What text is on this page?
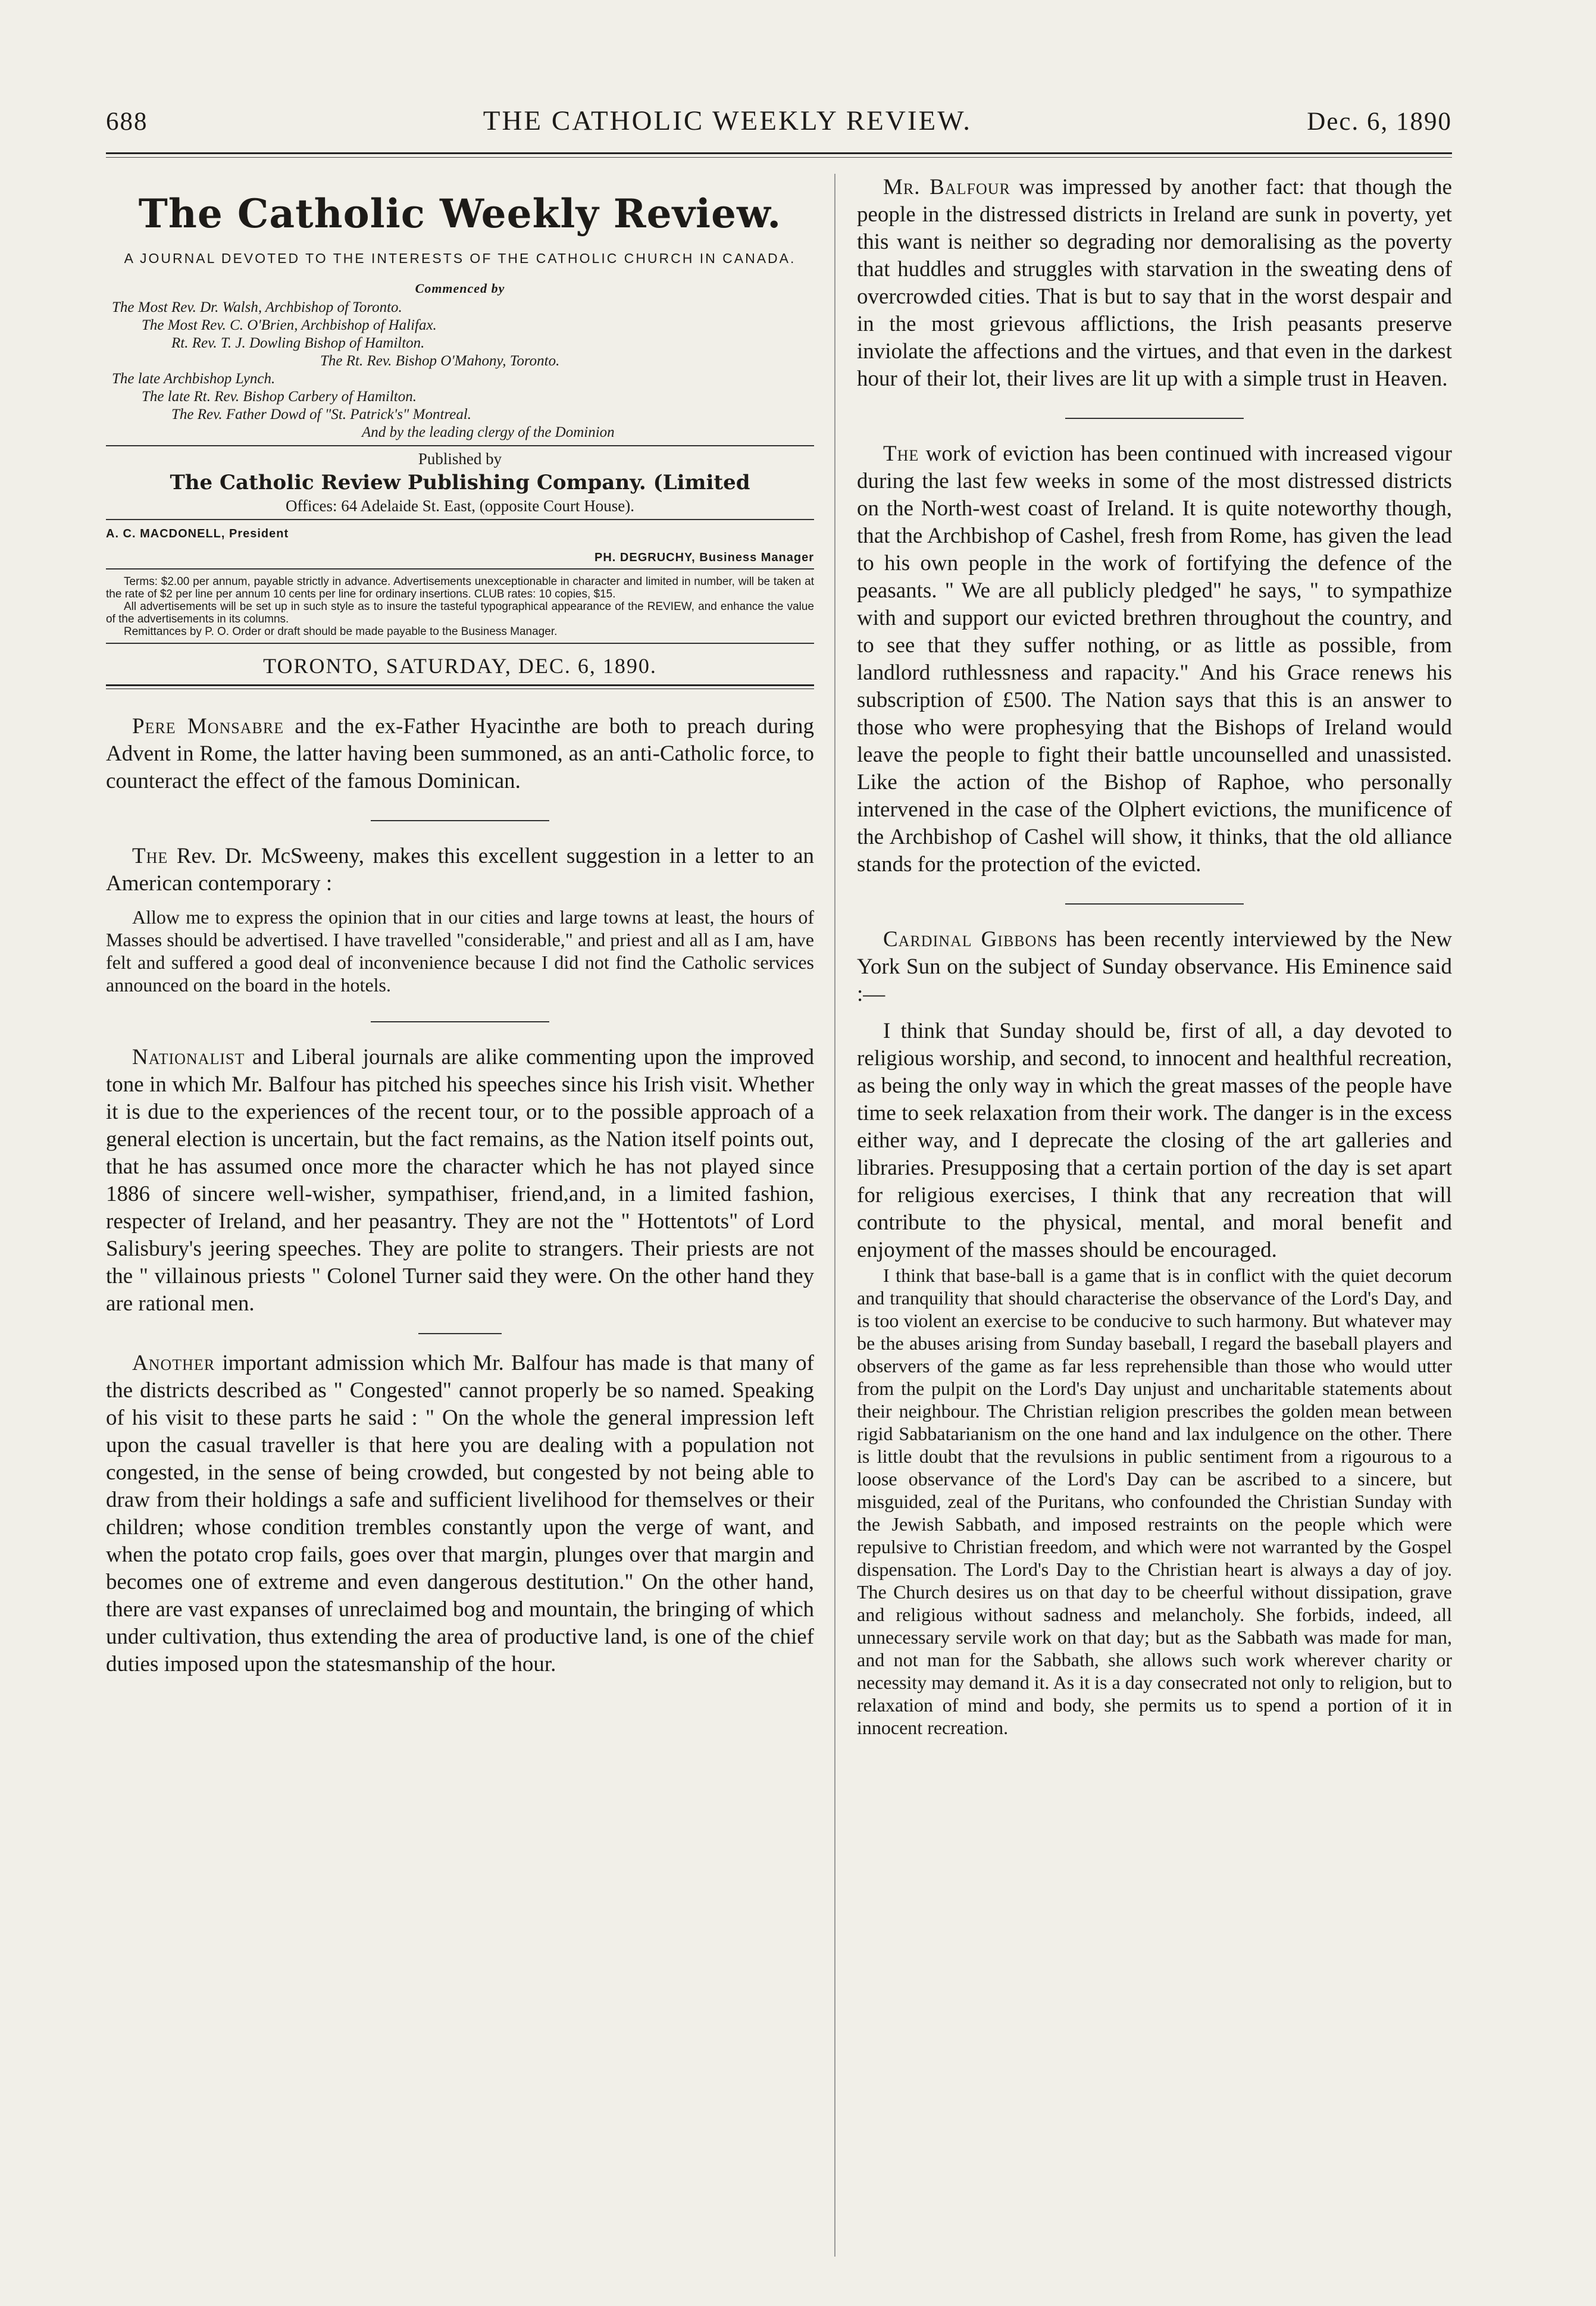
688	THE CATHOLIC WEEKLY REVIEW.	Dec. 6, 1890
The Catholic Weekly Review.
A JOURNAL DEVOTED TO THE INTERESTS OF THE CATHOLIC CHURCH IN CANADA.
Commenced by
The Most Rev. Dr. Walsh, Archbishop of Toronto.
The Most Rev. C. O'Brien, Archbishop of Halifax.
Rt. Rev. T. J. Dowling Bishop of Hamilton.
The Rt. Rev. Bishop O'Mahony, Toronto.
The late Archbishop Lynch.
The late Rt. Rev. Bishop Carbery of Hamilton.
The Rev. Father Dowd of "St. Patrick's" Montreal.
And by the leading clergy of the Dominion
Published by
The Catholic Review Publishing Company. (Limited
Offices: 64 Adelaide St. East, (opposite Court House).
A. C. MACDONELL, President
PH. DEGRUCHY, Business Manager

Terms: $2.00 per annum, payable strictly in advance. Advertisements unexceptionable in character and limited in number, will be taken at the rate of $2 per line per annum 10 cents per line for ordinary insertions. CLUB rates: 10 copies, $15.

All advertisements will be set up in such style as to insure the tasteful typographical appearance of the REVIEW, and enhance the value of the advertisements in its columns.

Remittances by P. O. Order or draft should be made payable to the Business Manager.

TORONTO, SATURDAY, DEC. 6, 1890.

Pere Monsabre and the ex-Father Hyacinthe are both to preach during Advent in Rome, the latter having been summoned, as an anti-Catholic force, to counteract the effect of the famous Dominican.

The Rev. Dr. McSweeny, makes this excellent suggestion in a letter to an American contemporary :

Allow me to express the opinion that in our cities and large towns at least, the hours of Masses should be advertised. I have travelled "considerable," and priest and all as I am, have felt and suffered a good deal of inconvenience because I did not find the Catholic services announced on the board in the hotels.

Nationalist and Liberal journals are alike commenting upon the improved tone in which Mr. Balfour has pitched his speeches since his Irish visit. Whether it is due to the experiences of the recent tour, or to the possible approach of a general election is uncertain, but the fact remains, as the Nation itself points out, that he has assumed once more the character which he has not played since 1886 of sincere well-wisher, sympathiser, friend,and, in a limited fashion, respecter of Ireland, and her peasantry. They are not the " Hottentots" of Lord Salisbury's jeering speeches. They are polite to strangers. Their priests are not the " villainous priests " Colonel Turner said they were. On the other hand they are rational men.

Another important admission which Mr. Balfour has made is that many of the districts described as " Congested" cannot properly be so named. Speaking of his visit to these parts he said : " On the whole the general impression left upon the casual traveller is that here you are dealing with a population not congested, in the sense of being crowded, but congested by not being able to draw from their holdings a safe and sufficient livelihood for themselves or their children; whose condition trembles constantly upon the verge of want, and when the potato crop fails, goes over that margin, plunges over that margin and becomes one of extreme and even dangerous destitution." On the other hand, there are vast expanses of unreclaimed bog and mountain, the bringing of which under cultivation, thus extending the area of productive land, is one of the chief duties imposed upon the statesmanship of the hour.

Mr. Balfour was impressed by another fact: that though the people in the distressed districts in Ireland are sunk in poverty, yet this want is neither so degrading nor demoralising as the poverty that huddles and struggles with starvation in the sweating dens of overcrowded cities. That is but to say that in the worst despair and in the most grievous afflictions, the Irish peasants preserve inviolate the affections and the virtues, and that even in the darkest hour of their lot, their lives are lit up with a simple trust in Heaven.

The work of eviction has been continued with increased vigour during the last few weeks in some of the most distressed districts on the North-west coast of Ireland. It is quite noteworthy though, that the Archbishop of Cashel, fresh from Rome, has given the lead to his own people in the work of fortifying the defence of the peasants. " We are all publicly pledged" he says, " to sympathize with and support our evicted brethren throughout the country, and to see that they suffer nothing, or as little as possible, from landlord ruthlessness and rapacity." And his Grace renews his subscription of £500. The Nation says that this is an answer to those who were prophesying that the Bishops of Ireland would leave the people to fight their battle uncounselled and unassisted. Like the action of the Bishop of Raphoe, who personally intervened in the case of the Olphert evictions, the munificence of the Archbishop of Cashel will show, it thinks, that the old alliance stands for the protection of the evicted.

Cardinal Gibbons has been recently interviewed by the New York Sun on the subject of Sunday observance. His Eminence said :—

I think that Sunday should be, first of all, a day devoted to religious worship, and second, to innocent and healthful recreation, as being the only way in which the great masses of the people have time to seek relaxation from their work. The danger is in the excess either way, and I deprecate the closing of the art galleries and libraries. Presupposing that a certain portion of the day is set apart for religious exercises, I think that any recreation that will contribute to the physical, mental, and moral benefit and enjoyment of the masses should be encouraged.

I think that base-ball is a game that is in conflict with the quiet decorum and tranquility that should characterise the observance of the Lord's Day, and is too violent an exercise to be conducive to such harmony. But whatever may be the abuses arising from Sunday baseball, I regard the baseball players and observers of the game as far less reprehensible than those who would utter from the pulpit on the Lord's Day unjust and uncharitable statements about their neighbour. The Christian religion prescribes the golden mean between rigid Sabbatarianism on the one hand and lax indulgence on the other. There is little doubt that the revulsions in public sentiment from a rigourous to a loose observance of the Lord's Day can be ascribed to a sincere, but misguided, zeal of the Puritans, who confounded the Christian Sunday with the Jewish Sabbath, and imposed restraints on the people which were repulsive to Christian freedom, and which were not warranted by the Gospel dispensation. The Lord's Day to the Christian heart is always a day of joy. The Church desires us on that day to be cheerful without dissipation, grave and religious without sadness and melancholy. She forbids, indeed, all unnecessary servile work on that day; but as the Sabbath was made for man, and not man for the Sabbath, she allows such work wherever charity or necessity may demand it. As it is a day consecrated not only to religion, but to relaxation of mind and body, she permits us to spend a portion of it in innocent recreation.
